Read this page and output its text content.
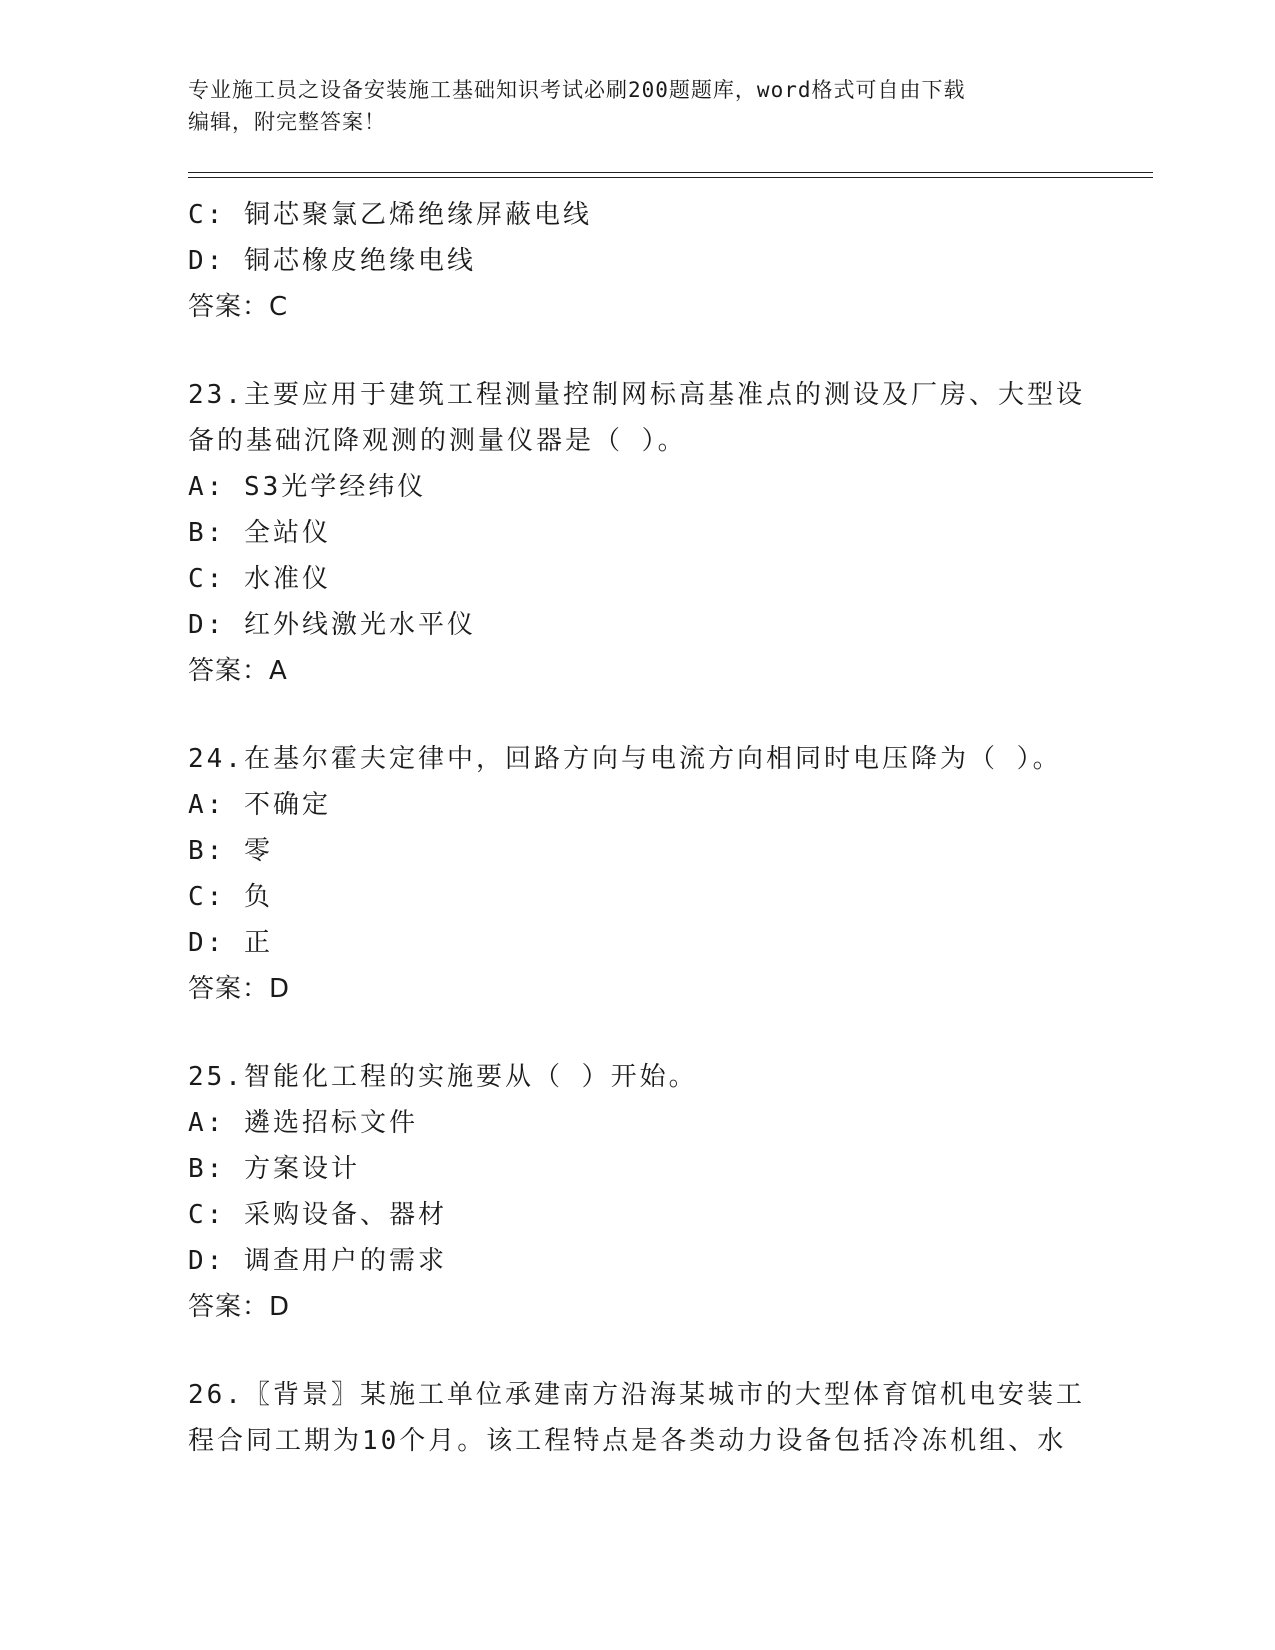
专业施工员之设备安装施工基础知识考试必刷200题题库，word格式可自由下载
编辑，附完整答案！
C: 铜芯聚氯乙烯绝缘屏蔽电线
D: 铜芯橡皮绝缘电线
答案：C
23.主要应用于建筑工程测量控制网标高基准点的测设及厂房、大型设
备的基础沉降观测的测量仪器是（ ）。
A: S3光学经纬仪
B: 全站仪
C: 水准仪
D: 红外线激光水平仪
答案：A
24.在基尔霍夫定律中，回路方向与电流方向相同时电压降为（ ）。
A: 不确定
B: 零
C: 负
D: 正
答案：D
25.智能化工程的实施要从（ ）开始。
A: 遴选招标文件
B: 方案设计
C: 采购设备、器材
D: 调查用户的需求
答案：D
26.〖背景〗某施工单位承建南方沿海某城市的大型体育馆机电安装工
程合同工期为10个月。该工程特点是各类动力设备包括冷冻机组、水
